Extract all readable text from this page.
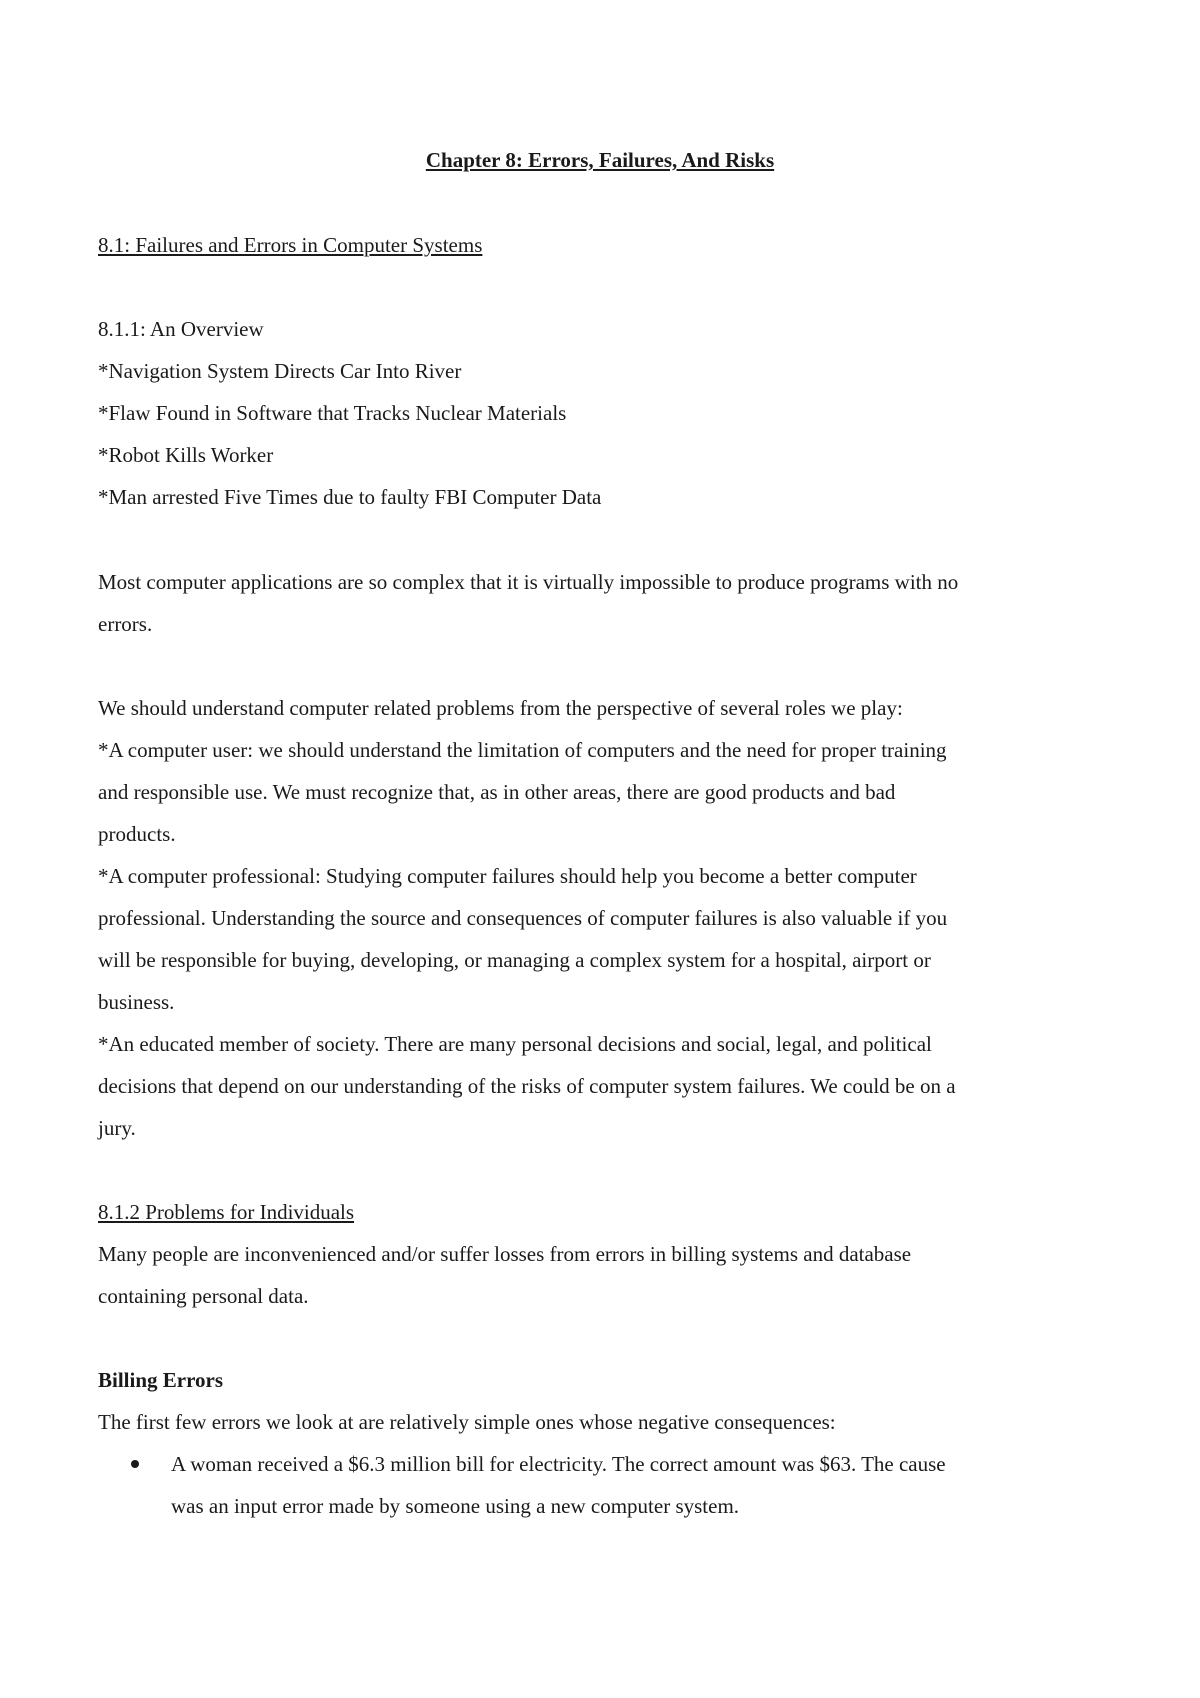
Chapter 8: Errors, Failures, And Risks
8.1: Failures and Errors in Computer Systems
8.1.1: An Overview
*Navigation System Directs Car Into River
*Flaw Found in Software that Tracks Nuclear Materials
*Robot Kills Worker
*Man arrested Five Times due to faulty FBI Computer Data
Most computer applications are so complex that it is virtually impossible to produce programs with no
errors.
We should understand computer related problems from the perspective of several roles we play:
*A computer user: we should understand the limitation of computers and the need for proper training
and responsible use. We must recognize that, as in other areas, there are good products and bad
products.
*A computer professional: Studying computer failures should help you become a better computer
professional. Understanding the source and consequences of computer failures is also valuable if you
will be responsible for buying, developing, or managing a complex system for a hospital, airport or
business.
*An educated member of society. There are many personal decisions and social, legal, and political
decisions that depend on our understanding of the risks of computer system failures. We could be on a
jury.
8.1.2 Problems for Individuals
Many people are inconvenienced and/or suffer losses from errors in billing systems and database
containing personal data.
Billing Errors
The first few errors we look at are relatively simple ones whose negative consequences:
A woman received a $6.3 million bill for electricity. The correct amount was $63. The cause
was an input error made by someone using a new computer system.
